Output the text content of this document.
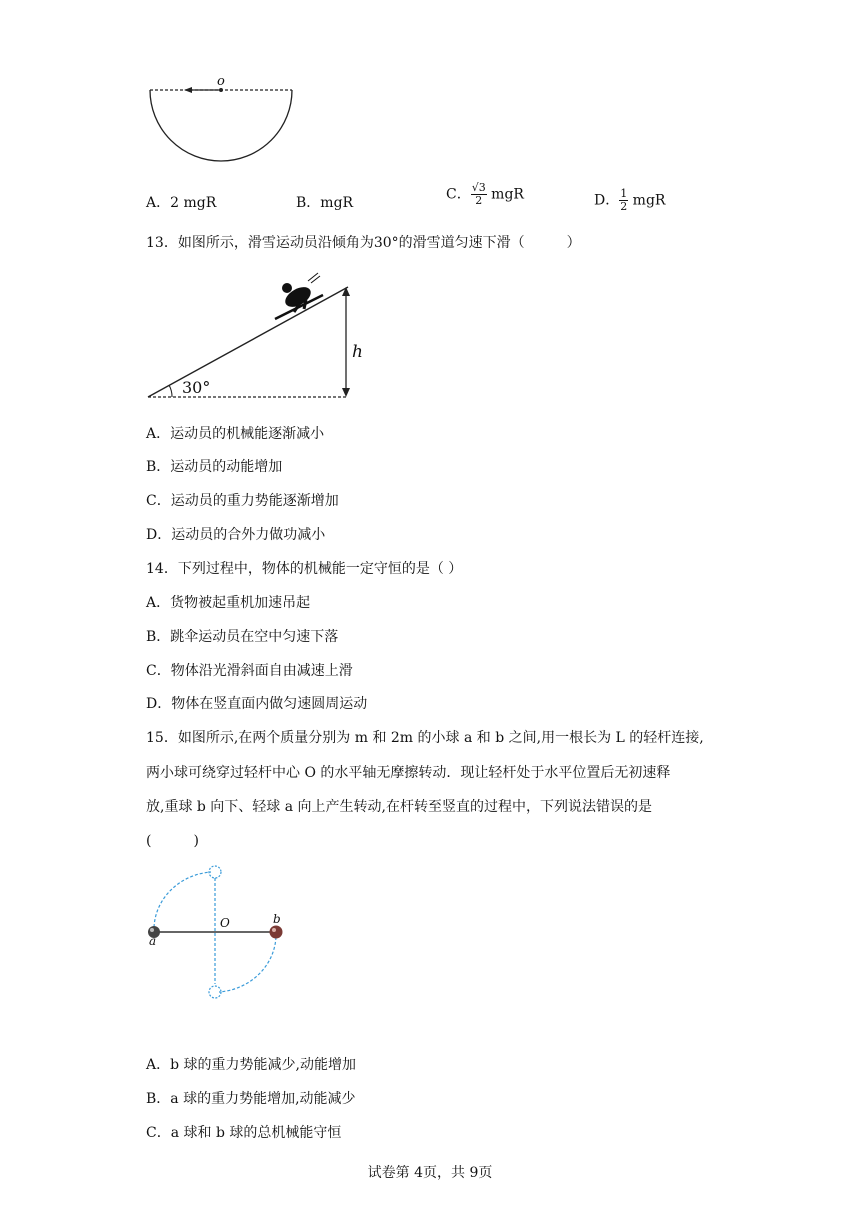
o
A．2 mgR	B．mgR
C． $\frac{√3}{2}$ mgR	D． $\frac{1}{2}$ mgR
13．如图所示，滑雪运动员沿倾角为30°的滑雪道匀速下滑（　　　）
30°
h
A．运动员的机械能逐渐减小
B．运动员的动能增加
C．运动员的重力势能逐渐增加
D．运动员的合外力做功减小
14．下列过程中，物体的机械能一定守恒的是（ ）
A．货物被起重机加速吊起
B．跳伞运动员在空中匀速下落
C．物体沿光滑斜面自由减速上滑
D．物体在竖直面内做匀速圆周运动
15．如图所示,在两个质量分别为 m 和 2m 的小球 a 和 b 之间,用一根长为 L 的轻杆连接,
两小球可绕穿过轻杆中心 O 的水平轴无摩擦转动．现让轻杆处于水平位置后无初速释
放,重球 b 向下、轻球 a 向上产生转动,在杆转至竖直的过程中，下列说法错误的是
(　　　)
O
a
b
A．b 球的重力势能减少,动能增加
B．a 球的重力势能增加,动能减少
C．a 球和 b 球的总机械能守恒
试卷第 4页，共 9页
